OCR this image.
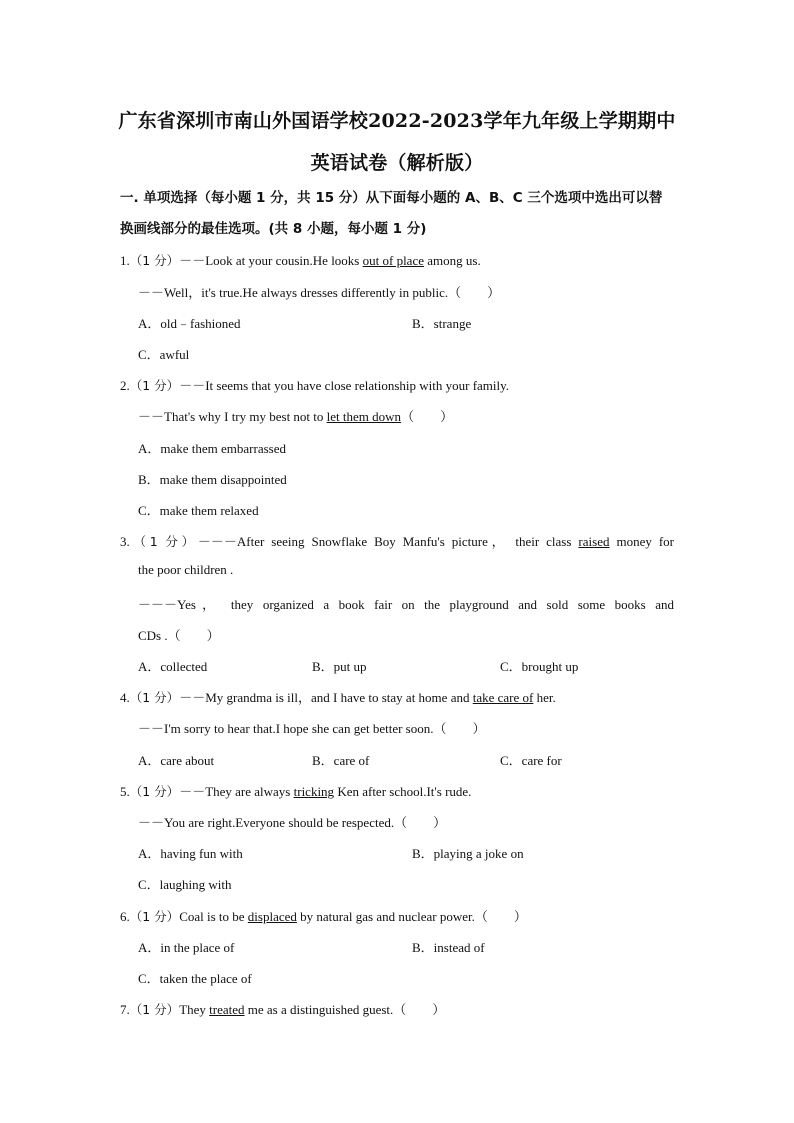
广东省深圳市南山外国语学校2022-2023学年九年级上学期期中
英语试卷（解析版）
一. 单项选择（每小题 1 分，共 15 分）从下面每小题的 A、B、C 三个选项中选出可以替
换画线部分的最佳选项。(共 8 小题，每小题 1 分)
1.（1 分）－－Look at your cousin.He looks out of place among us.
－－Well，it's true.He always dresses differently in public.（　　）
A．old﹣fashioned	B．strange
C．awful
2.（1 分）－－It seems that you have close relationship with your family.
－－That's why I try my best not to let them down（　　）
A．make them embarrassed
B．make them disappointed
C．make them relaxed
3.（1 分）－－－After seeing Snowflake Boy Manfu's picture， their class raised money for
the poor children .
－－－Yes， they organized a book fair on the playground and sold some books and
CDs .（　　）
A．collected	B．put up	C．brought up
4.（1 分）－－My grandma is ill，and I have to stay at home and take care of her.
－－I'm sorry to hear that.I hope she can get better soon.（　　）
A．care about	B．care of	C．care for
5.（1 分）－－They are always tricking Ken after school.It's rude.
－－You are right.Everyone should be respected.（　　）
A．having fun with	B．playing a joke on
C．laughing with
6.（1 分）Coal is to be displaced by natural gas and nuclear power.（　　）
A．in the place of	B．instead of
C．taken the place of
7.（1 分）They treated me as a distinguished guest.（　　）
